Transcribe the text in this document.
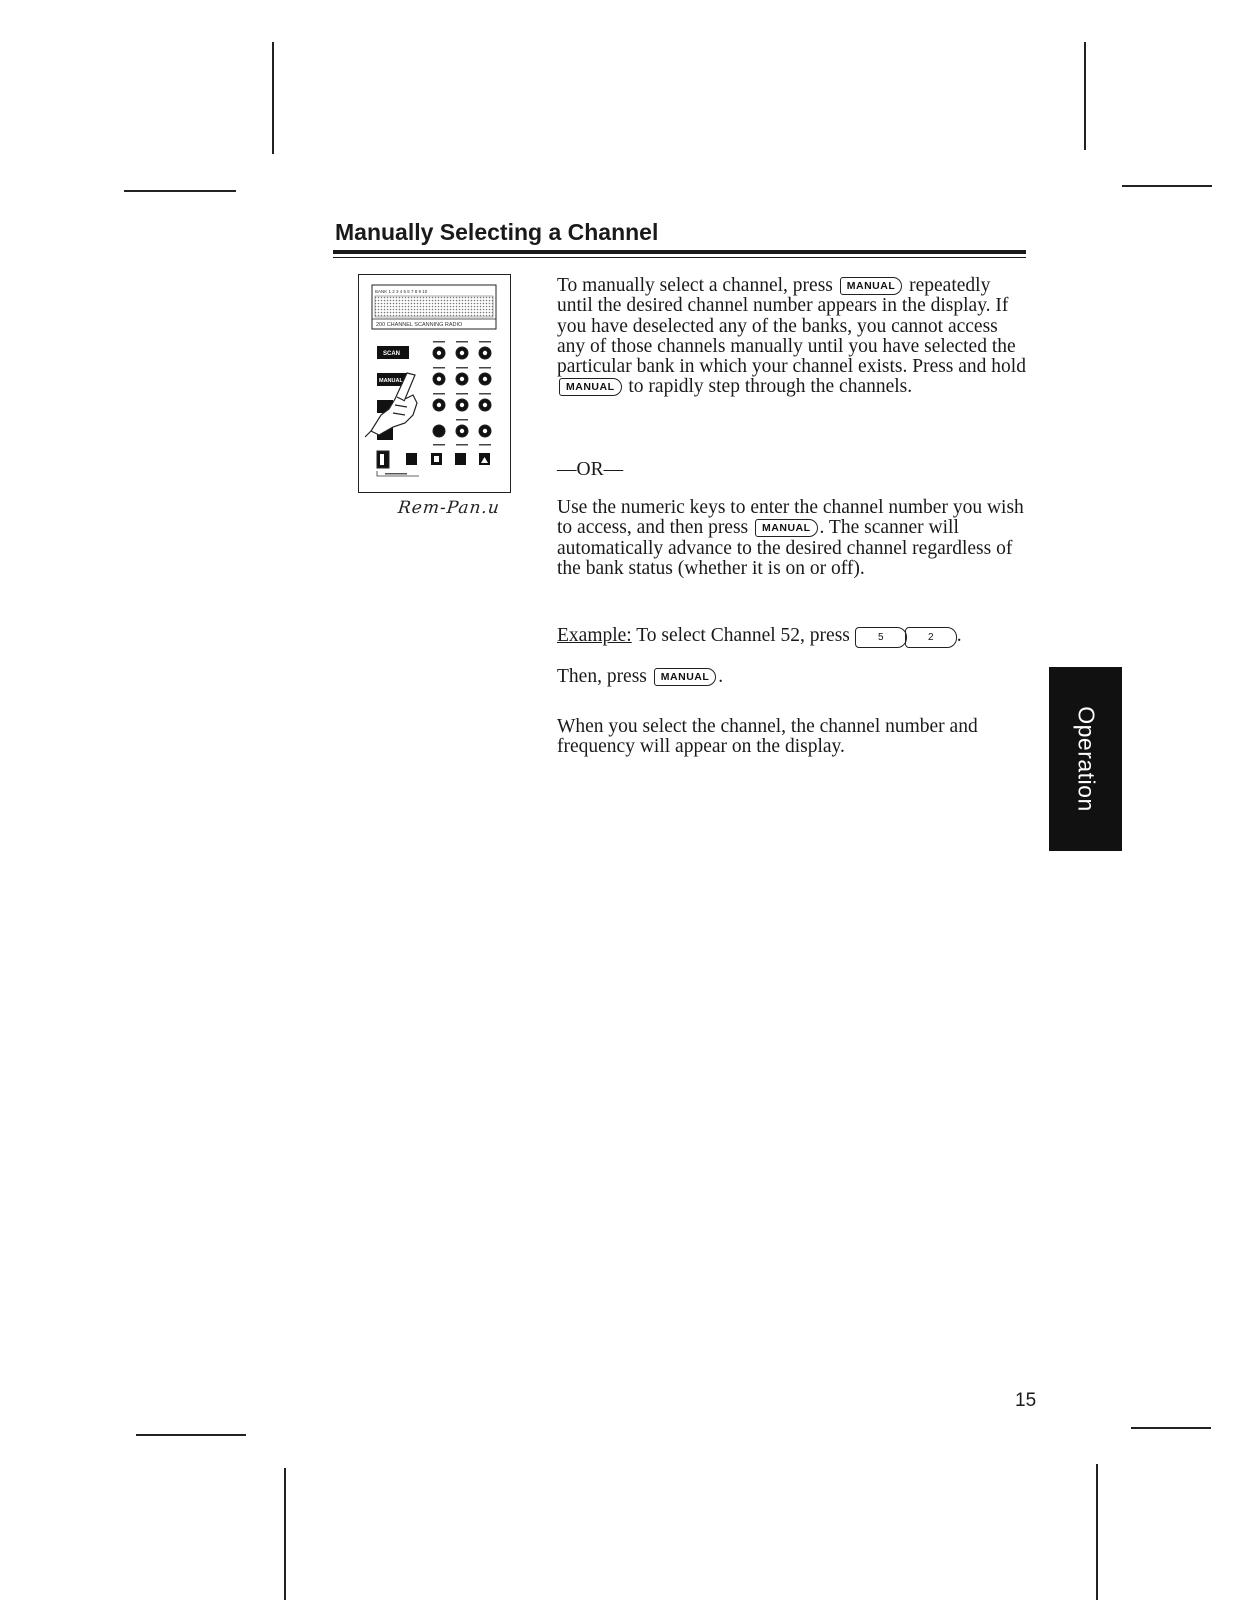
Manually Selecting a Channel
BANK 1 2 3 4 5 6 7 8 9 10
200 CHANNEL SCANNING RADIO
SCAN
MANUAL
Rem-Pan.u

To manually select a channel, press MANUAL repeatedly until the desired channel number appears in the display. If you have deselected any of the banks, you cannot access any of those channels manually until you have selected the particular bank in which your channel exists. Press and hold MANUAL to rapidly step through the channels.

—OR—

Use the numeric keys to enter the channel number you wish to access, and then press MANUAL . The scanner will automatically advance to the desired channel regardless of the bank status (whether it is on or off).

Example: To select Channel 52, press 5	2 .

Then, press MANUAL .

When you select the channel, the channel number and frequency will appear on the display.	Operation
15
